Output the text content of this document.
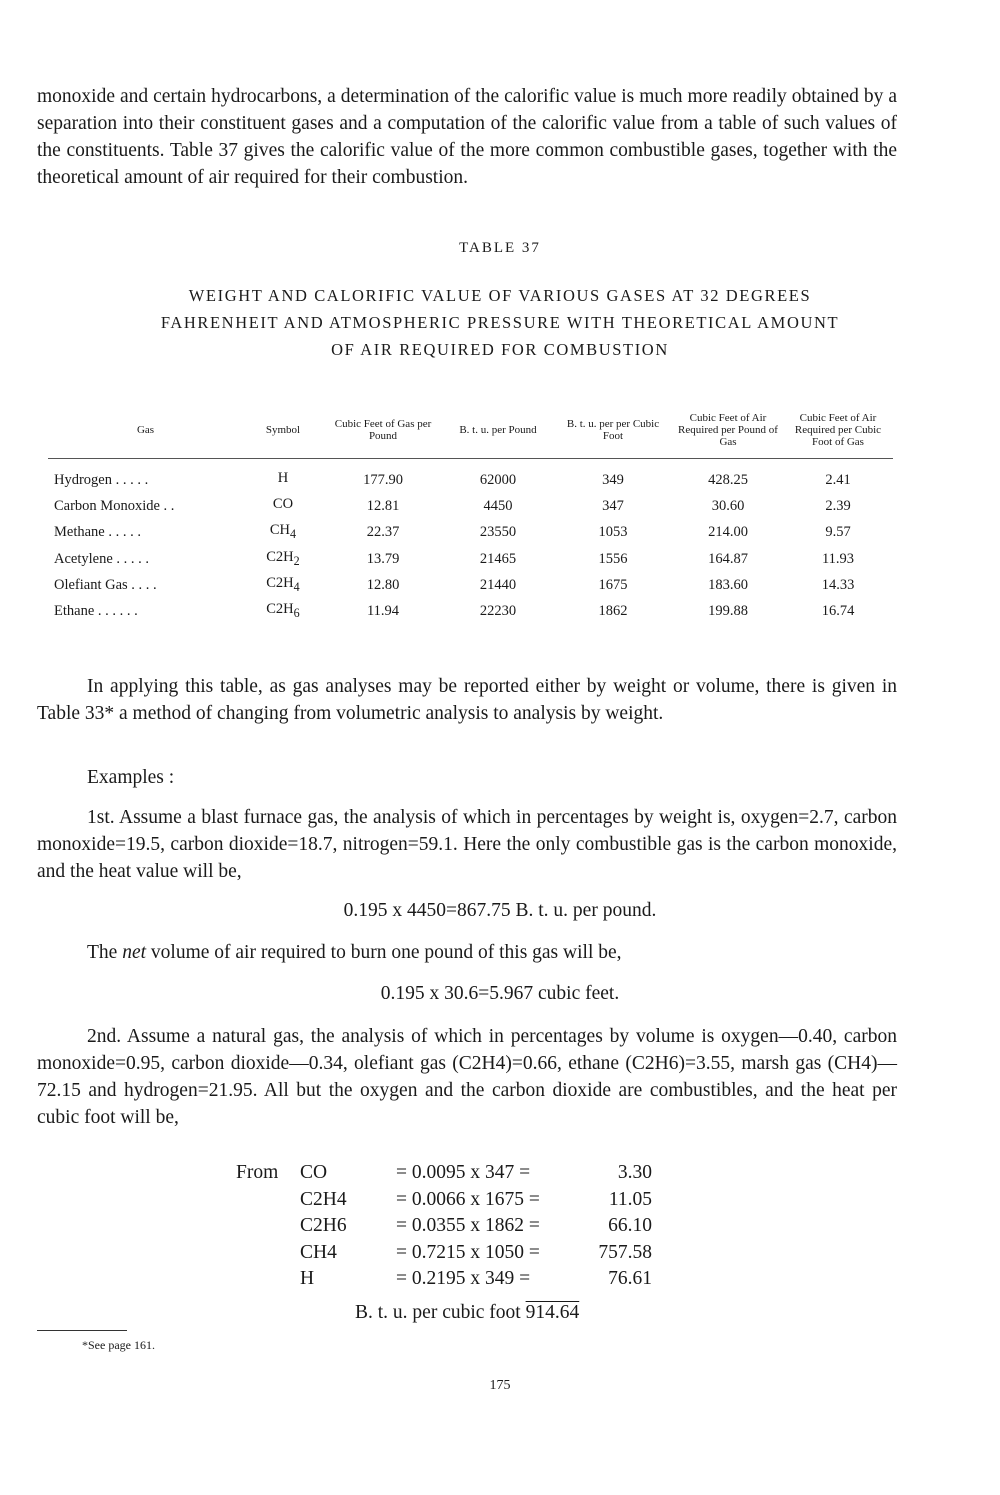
monoxide and certain hydrocarbons, a determination of the calorific value is much more readily obtained by a separation into their constituent gases and a computation of the calorific value from a table of such values of the constituents. Table 37 gives the calorific value of the more common combustible gases, together with the theoretical amount of air required for their combustion.

TABLE 37

WEIGHT AND CALORIFIC VALUE OF VARIOUS GASES AT 32 DEGREES

FAHRENHEIT AND ATMOSPHERIC PRESSURE WITH THEORETICAL AMOUNT

OF AIR REQUIRED FOR COMBUSTION

Gas	Symbol	Cubic Feet of Gas per Pound	B. t. u. per Pound	B. t. u. per per Cubic Foot	Cubic Feet of Air Required per Pound of Gas	Cubic Feet of Air Required per Cubic Foot of Gas

Hydrogen . . . . .	H	177.90	62000	349	428.25	2.41
Carbon Monoxide . .	CO	12.81	4450	347	30.60	2.39
Methane . . . . .	$CH_4$	22.37	23550	1053	214.00	9.57
Acetylene . . . . .	$C2H_2$	13.79	21465	1556	164.87	11.93
Olefiant Gas . . . .	$C2H_4$	12.80	21440	1675	183.60	14.33
Ethane . . . . . .	$C2H_6$	11.94	22230	1862	199.88	16.74

In applying this table, as gas analyses may be reported either by weight or volume, there is given in Table 33* a method of changing from volumetric analysis to analysis by weight.

Examples :

1st. Assume a blast furnace gas, the analysis of which in percentages by weight is, oxygen=2.7, carbon monoxide=19.5, carbon dioxide=18.7, nitrogen=59.1. Here the only combustible gas is the carbon monoxide, and the heat value will be,

0.195 x 4450=867.75 B. t. u. per pound.

The net volume of air required to burn one pound of this gas will be,

0.195 x 30.6=5.967 cubic feet.

2nd. Assume a natural gas, the analysis of which in percentages by volume is oxygen—0.40, carbon monoxide=0.95, carbon dioxide—0.34, olefiant gas (C2H4)=0.66, ethane (C2H6)=3.55, marsh gas (CH4)—72.15 and hydrogen=21.95. All but the oxygen and the carbon dioxide are combustibles, and the heat per cubic foot will be,

From	CO	= 0.0095 x 347 =	3.30
C2H4	= 0.0066 x 1675 =	11.05
C2H6	= 0.0355 x 1862 =	66.10
CH4	= 0.7215 x 1050 =	757.58
H	= 0.2195 x 349 =	76.61
B. t. u. per cubic foot 914.64

*See page 161.

175
